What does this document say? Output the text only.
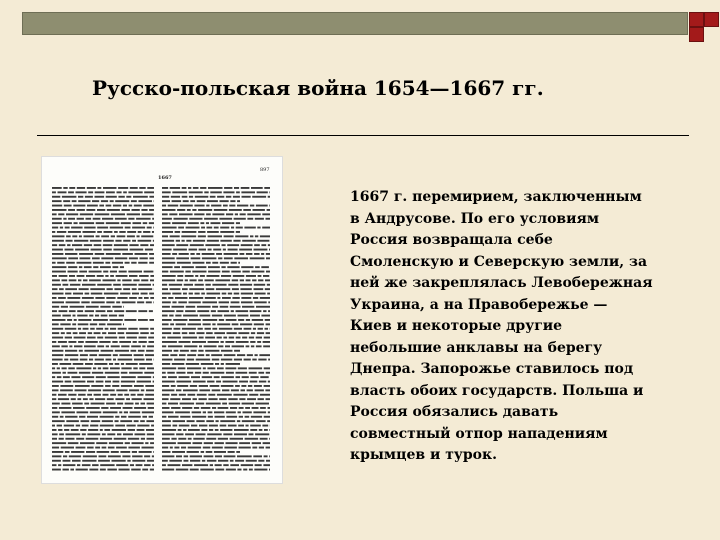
Русско-польская война 1654—1667 гг.
897
1667
1667 г. перемирием, заключенным
в Андрусове. По его условиям
Россия возвращала себе
Смоленскую и Северскую земли, за
ней же закреплялась Левобережная
Украина, а на Правобережье —
Киев и некоторые другие
небольшие анклавы на берегу
Днепра. Запорожье ставилось под
власть обоих государств. Польша и
Россия обязались давать
совместный отпор нападениям
крымцев и турок.
